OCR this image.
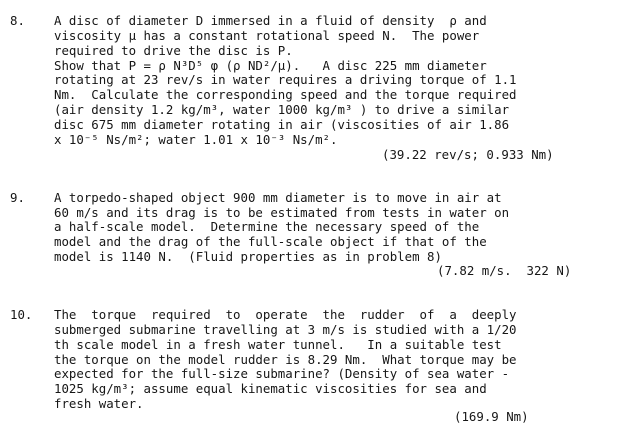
8. A disc of diameter D immersed in a fluid of density  ρ and
viscosity μ has a constant rotational speed N.  The power
required to drive the disc is P.
Show that P = ρ N³D⁵ φ (ρ ND²/μ).   A disc 225 mm diameter
rotating at 23 rev/s in water requires a driving torque of 1.1
Nm.  Calculate the corresponding speed and the torque required
(air density 1.2 kg/m³, water 1000 kg/m³ ) to drive a similar
disc 675 mm diameter rotating in air (viscosities of air 1.86
x 10⁻⁵ Ns/m²; water 1.01 x 10⁻³ Ns/m².
(39.22 rev/s; 0.933 Nm)
9. A torpedo-shaped object 900 mm diameter is to move in air at
60 m/s and its drag is to be estimated from tests in water on
a half-scale model.  Determine the necessary speed of the
model and the drag of the full-scale object if that of the
model is 1140 N.  (Fluid properties as in problem 8)
(7.82 m/s.  322 N)
10. The  torque  required  to  operate  the  rudder  of  a  deeply
submerged submarine travelling at 3 m/s is studied with a 1/20
th scale model in a fresh water tunnel.   In a suitable test
the torque on the model rudder is 8.29 Nm.  What torque may be
expected for the full-size submarine? (Density of sea water -
1025 kg/m³; assume equal kinematic viscosities for sea and
fresh water.
(169.9 Nm)
